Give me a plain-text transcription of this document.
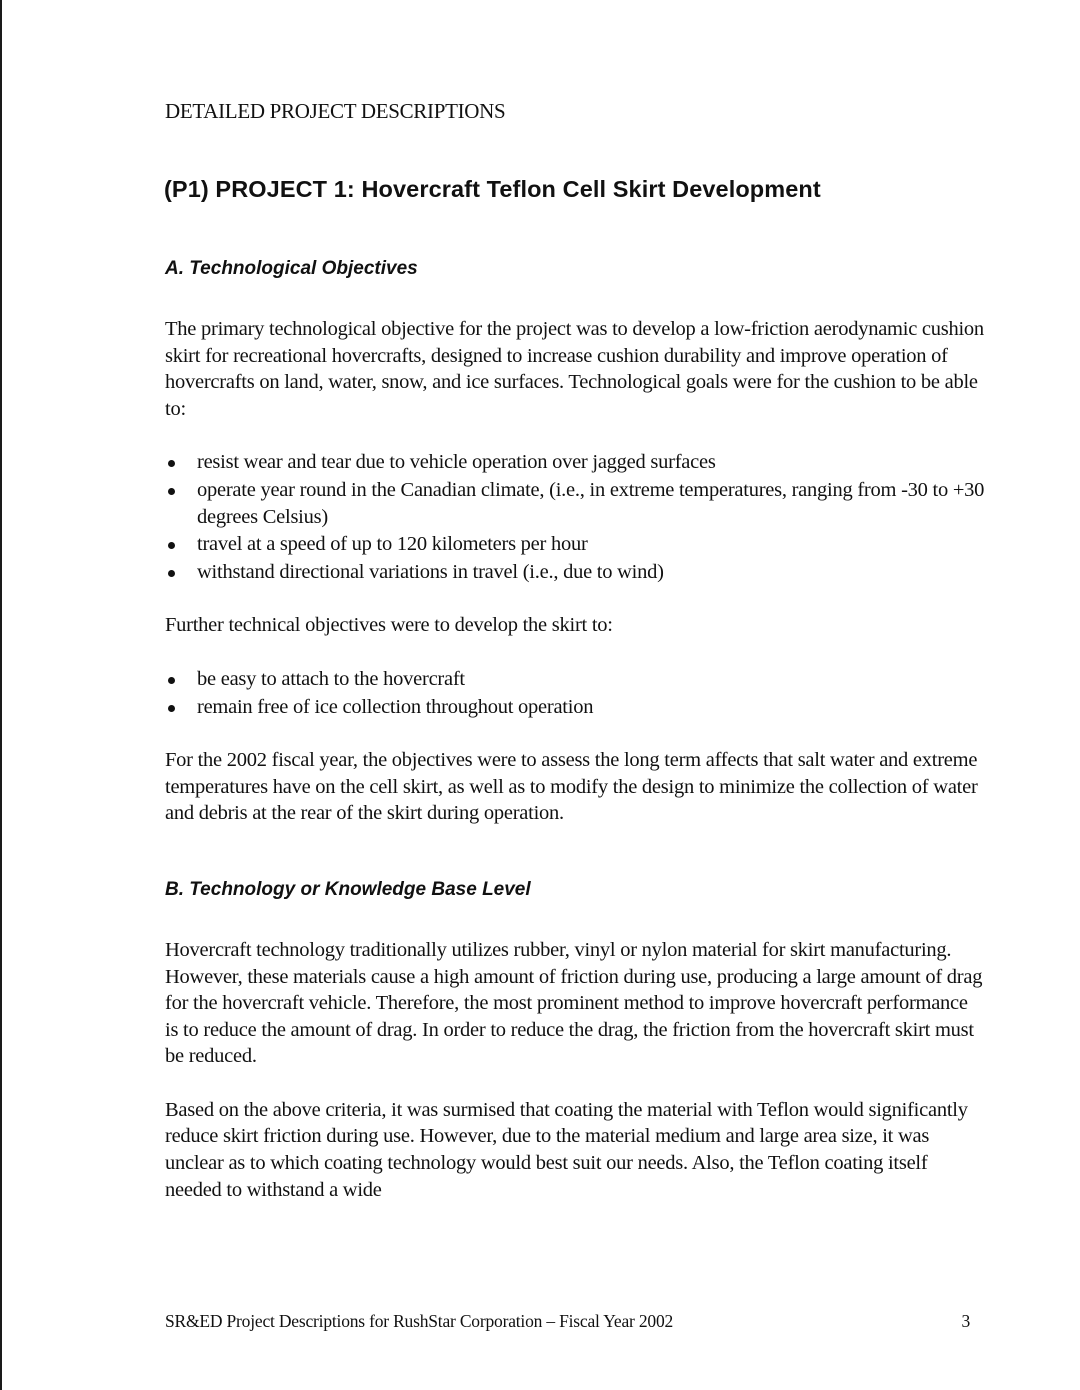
DETAILED PROJECT DESCRIPTIONS

(P1) PROJECT 1: Hovercraft Teflon Cell Skirt Development
A. Technological Objectives

The primary technological objective for the project was to develop a low-friction aerodynamic cushion skirt for recreational hovercrafts, designed to increase cushion durability and improve operation of hovercrafts on land, water, snow, and ice surfaces. Technological goals were for the cushion to be able to:

resist wear and tear due to vehicle operation over jagged surfaces
operate year round in the Canadian climate, (i.e., in extreme temperatures, ranging from -30 to +30 degrees Celsius)
travel at a speed of up to 120 kilometers per hour
withstand directional variations in travel (i.e., due to wind)

Further technical objectives were to develop the skirt to:

be easy to attach to the hovercraft
remain free of ice collection throughout operation

For the 2002 fiscal year, the objectives were to assess the long term affects that salt water and extreme temperatures have on the cell skirt, as well as to modify the design to minimize the collection of water and debris at the rear of the skirt during operation.

B. Technology or Knowledge Base Level

Hovercraft technology traditionally utilizes rubber, vinyl or nylon material for skirt manufacturing. However, these materials cause a high amount of friction during use, producing a large amount of drag for the hovercraft vehicle. Therefore, the most prominent method to improve hovercraft performance is to reduce the amount of drag. In order to reduce the drag, the friction from the hovercraft skirt must be reduced.

Based on the above criteria, it was surmised that coating the material with Teflon would significantly reduce skirt friction during use. However, due to the material medium and large area size, it was unclear as to which coating technology would best suit our needs. Also, the Teflon coating itself needed to withstand a wide

SR&ED Project Descriptions for RushStar Corporation – Fiscal Year 2002	3
